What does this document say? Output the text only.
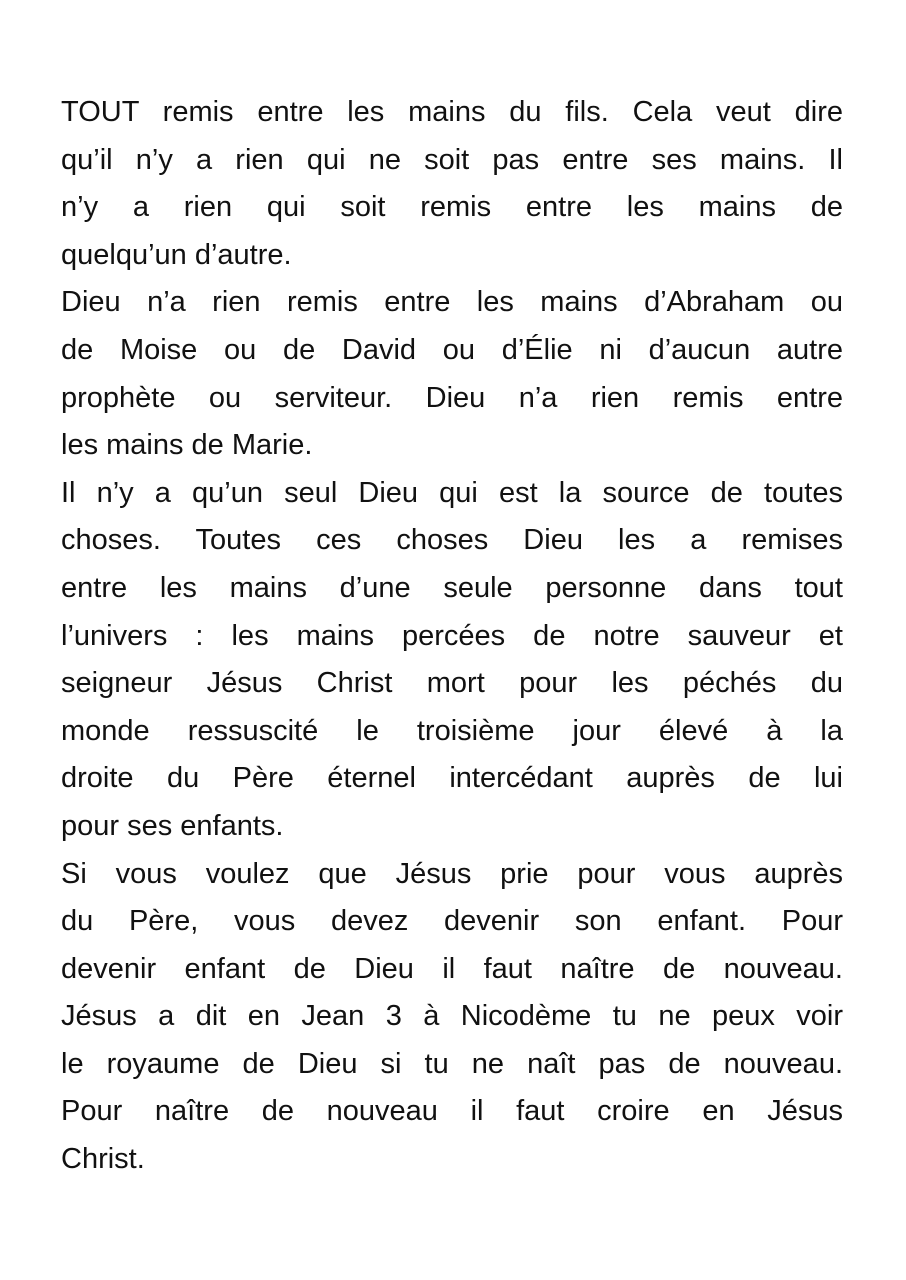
TOUT remis entre les mains du fils. Cela veut dire
qu’il n’y a rien qui ne soit pas entre ses mains. Il
n’y a rien qui soit remis entre les mains de
quelqu’un d’autre.
Dieu n’a rien remis entre les mains d’Abraham ou
de Moise ou de David ou d’Élie ni d’aucun autre
prophète ou serviteur. Dieu n’a rien remis entre
les mains de Marie.
Il n’y a qu’un seul Dieu qui est la source de toutes
choses. Toutes ces choses Dieu les a remises
entre les mains d’une seule personne dans tout
l’univers : les mains percées de notre sauveur et
seigneur Jésus Christ mort pour les péchés du
monde ressuscité le troisième jour élevé à la
droite du Père éternel intercédant auprès de lui
pour ses enfants.
Si vous voulez que Jésus prie pour vous auprès
du Père, vous devez devenir son enfant. Pour
devenir enfant de Dieu il faut naître de nouveau.
Jésus a dit en Jean 3 à Nicodème tu ne peux voir
le royaume de Dieu si tu ne naît pas de nouveau.
Pour naître de nouveau il faut croire en Jésus
Christ.
